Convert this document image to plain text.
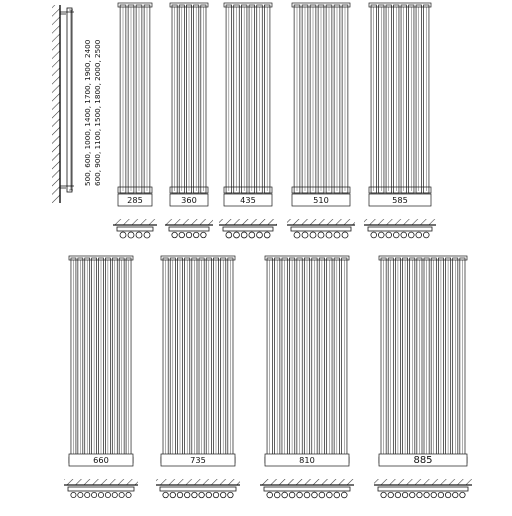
500, 600, 1000, 1400, 1700, 1900, 2400 600, 900, 1100, 1500, 1800, 2000, 2500
285	360	435	510	585
660	735	810	885
